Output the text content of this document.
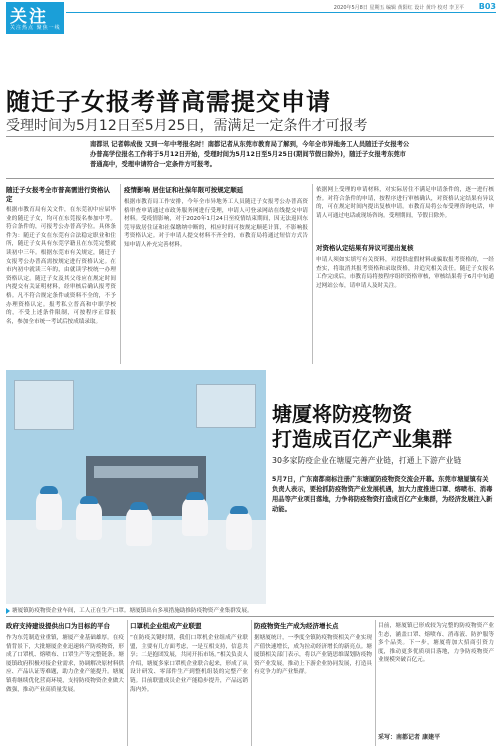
关注
关注热点 聚焦一线
2020年5月8日 星期五 编辑 黄阳红 设计 黄玲 校对 李卫平 B03
随迁子女报考普高需提交申请
受理时间为5月12日至5月25日，需满足一定条件才可报考
南都讯 记者韩成俊 又到一年中考报名时！南都记者从东莞市教育局了解到，今年全市异地务工人员随迁子女报考公办普高学位报名工作将于5月12日开始，受理时间为5月12日至5月25日(期间节假日除外)，随迁子女报考东莞市普通高中，受理申请符合一定条件方可报考。
随迁子女报考全市普高需进行资格认定
根据市教育局有关文件，在东莞初中应届毕业的随迁子女，均可在东莞报名参加中考。符合条件的，可报考公办普高学位。具体条件为：随迁子女在东莞有合法稳定职业和住所，随迁子女具有东莞学籍且在东莞完整就读初中三年。根据东莞市有关规定，随迁子女报考公办普高需按规定进行资格认定。在市内初中就读三年的，由就读学校统一办理资格认定。随迁子女及其父母应在规定时间内提交有关证明材料，经审核后确认报考资格。凡不符合规定条件或资料不全的，不予办理资格认定。报考私立普高和中职学校的，不受上述条件限制，可按程序正常报名，参加全市统一考试后按成绩录取。
疫情影响 居住证和社保年限可按规定顺延
根据市教育局工作安排，今年全市异地务工人员随迁子女报考公办普高资格审查申请通过市政务服务网进行受理，申请人可登录网站在线提交申请材料。受疫情影响，对于2020年1月24日至疫情结束期间，因无法返回东莞导致居住证和社保缴纳中断的，相应时间可按规定顺延计算，不影响报考资格认定。对于申请人提交材料不齐全的，市教育局将通过短信方式告知申请人补充完善材料。
依据网上受理的申请材料，对实际居住不满足申请条件的，逐一进行核查。对符合条件的申请，按程序进行审核确认，对资格认定结果有异议的，可在规定时间内提出复核申请。市教育局将公布受理咨询电话，申请人可通过电话或现场咨询。受理期间，节假日除外。
对资格认定结果有异议可提出复核
申请人须如实填写有关资料，对提供虚假材料或骗取报考资格的，一经查实，将取消其报考资格和录取资格，并追究相关责任。随迁子女报名工作完成后，市教育局将按程序组织资格审核，审核结果将于6月中旬通过网站公布，请申请人及时关注。
塘厦将防疫物资
打造成百亿产业集群
30多家防疫企业在塘厦完善产业链，打通上下游产业链
5月7日，广东南都商标注册广东塘厦防疫物资交流会开幕。东莞市塘厦镇有关负责人表示，要抢抓防疫物资产业发展机遇，加大力度推进口罩、熔喷布、消毒用品等产业项目落地，力争将防疫物资打造成百亿产业集群，为经济发展注入新动能。
塘厦镇防疫物资企业车间，工人正在生产口罩。塘厦镇出台多项措施助推防疫物资产业集群发展。
政府支持建设提供出口为目标的平台
作为东莞制造业重镇，塘厦产业基础雄厚。在疫情背景下，大批塘厦企业迅速转产防疫物资，形成了口罩机、熔喷布、口罩生产等完整链条。塘厦镇政府积极对接企业需求，协调解决原材料供应、产品认证等难题，助力企业产能提升。塘厦镇将继续优化营商环境，支持防疫物资企业做大做强，推动产业高质量发展。
口罩机企业组成产业联盟
“在防疫关键时期，我们口罩机企业组成产业联盟，主要有几方面考虑，一是互相支持，信息共享；二是抱团发展，共同开拓市场。”相关负责人介绍，塘厦多家口罩机企业联合起来，形成了从设计研发、零部件生产到整机组装的完整产业链。目前联盟成员企业产能稳步提升，产品远销海内外。
防疫物资生产成为经济增长点
据塘厦统计，一季度全镇防疫物资相关产业实现产值快速增长，成为拉动经济增长的新亮点。塘厦镇相关部门表示，将以产业链思维谋划防疫物资产业发展，推动上下游企业协同发展，打造具有竞争力的产业集群。
目前，塘厦镇已形成较为完整的防疫物资产业生态，涵盖口罩、熔喷布、消毒液、防护服等多个品类。下一步，塘厦将加大招商引资力度，推动更多优质项目落地，力争防疫物资产业规模突破百亿元。
采写：南都记者 康建平
